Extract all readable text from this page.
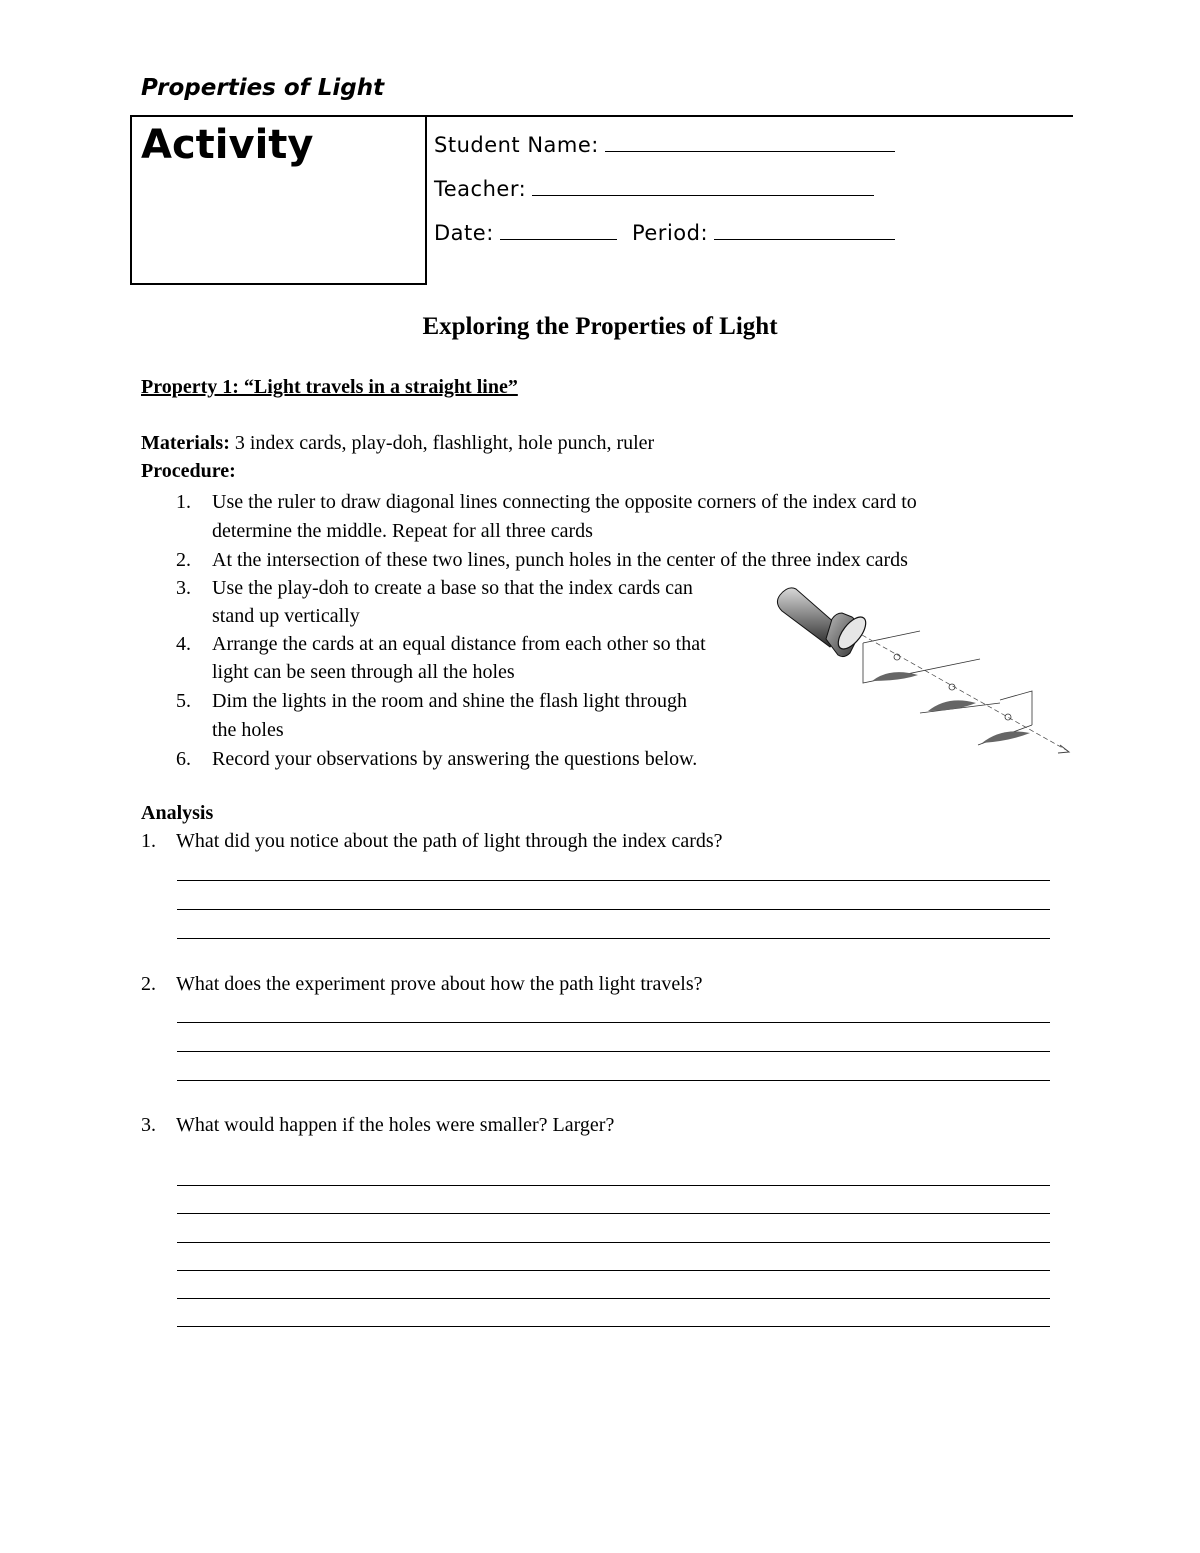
Properties of Light
Activity	Student Name:
Teacher:
Date:	Period:
Exploring the Properties of Light
Property 1: “Light travels in a straight line”
Materials: 3 index cards, play-doh, flashlight, hole punch, ruler
Procedure:
1. Use the ruler to draw diagonal lines connecting the opposite corners of the index card to
determine the middle. Repeat for all three cards
2. At the intersection of these two lines, punch holes in the center of the three index cards
3. Use the play-doh to create a base so that the index cards can
stand up vertically
4. Arrange the cards at an equal distance from each other so that
light can be seen through all the holes
5. Dim the lights in the room and shine the flash light through
the holes
6. Record your observations by answering the questions below.
Analysis
1. What did you notice about the path of light through the index cards?
2. What does the experiment prove about how the path light travels?
3. What would happen if the holes were smaller? Larger?
